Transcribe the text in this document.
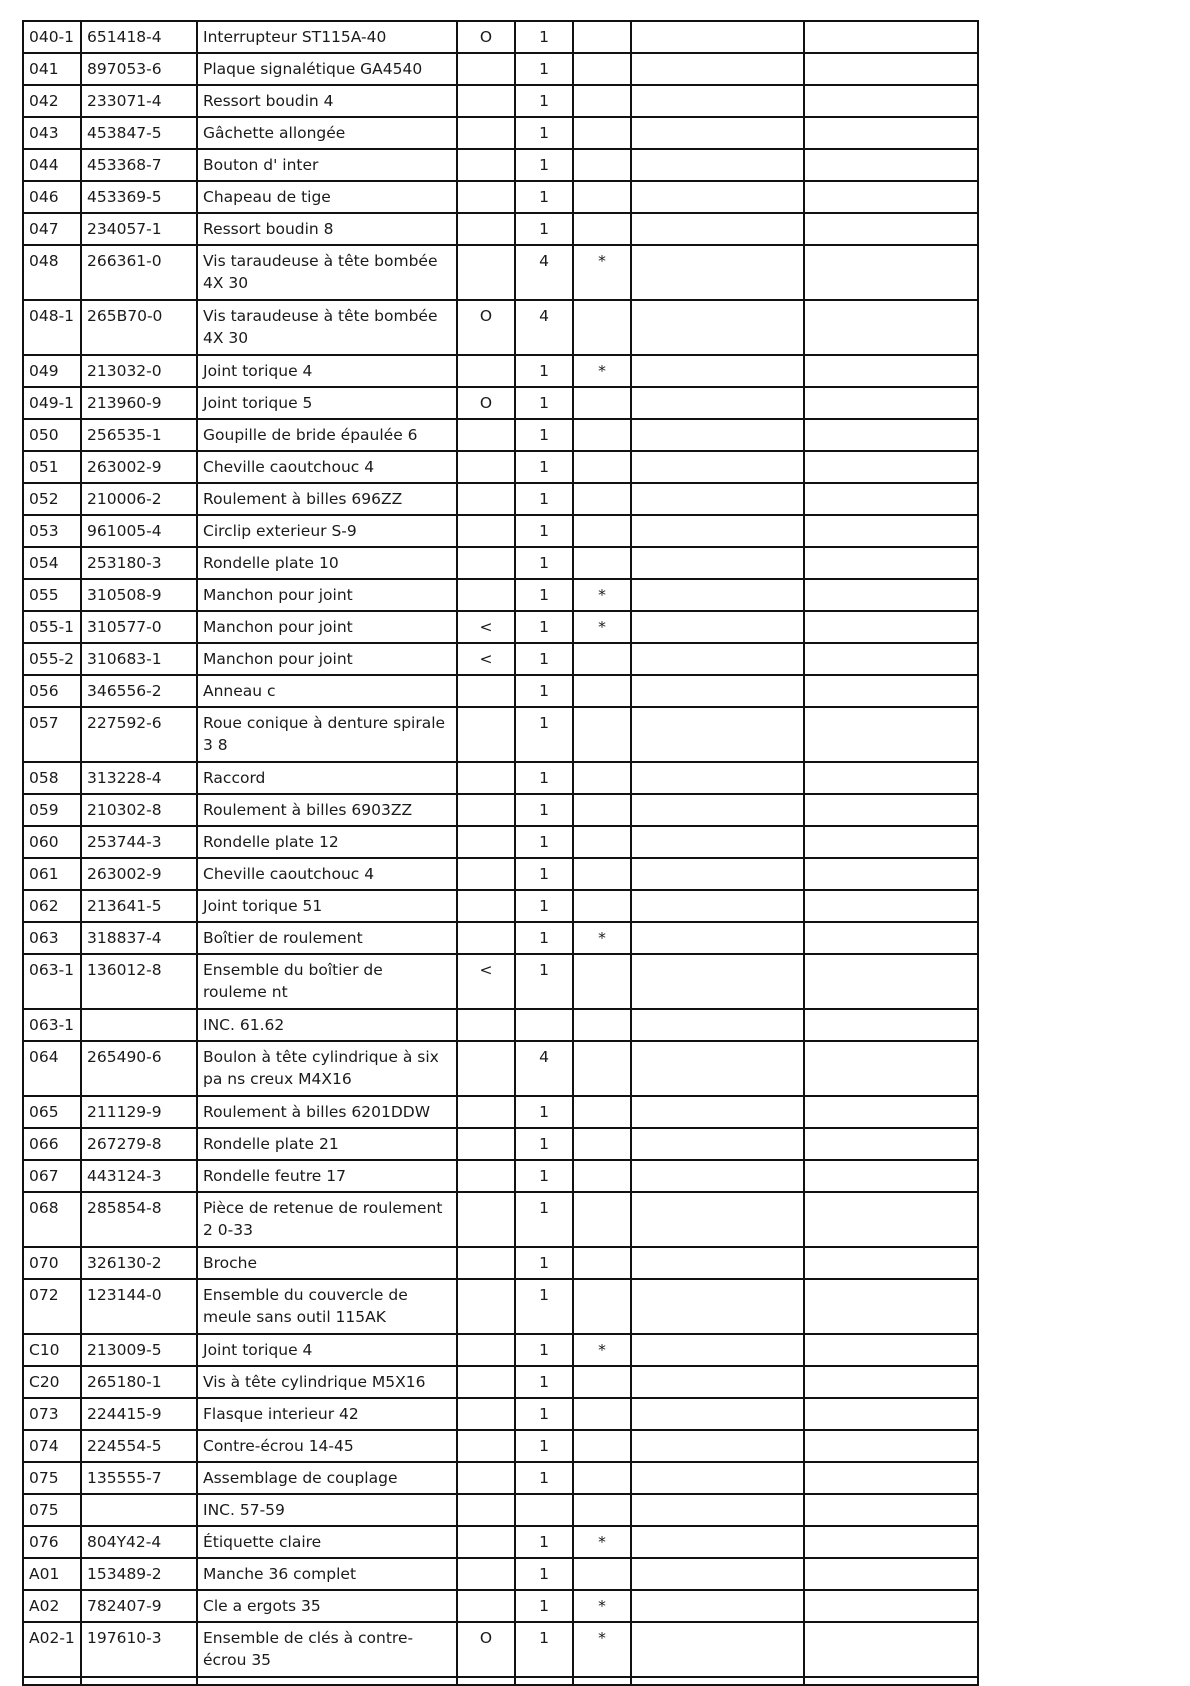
040-1	651418-4	Interrupteur ST115A-40	O	1			
041	897053-6	Plaque signalétique GA4540		1			
042	233071-4	Ressort boudin 4		1			
043	453847-5	Gâchette allongée		1			
044	453368-7	Bouton d' inter		1			
046	453369-5	Chapeau de tige		1			
047	234057-1	Ressort boudin 8		1			
048	266361-0	Vis taraudeuse à tête bombée 4X 30		4	*		
048-1	265B70-0	Vis taraudeuse à tête bombée 4X 30	O	4			
049	213032-0	Joint torique 4		1	*		
049-1	213960-9	Joint torique 5	O	1			
050	256535-1	Goupille de bride épaulée 6		1			
051	263002-9	Cheville caoutchouc 4		1			
052	210006-2	Roulement à billes 696ZZ		1			
053	961005-4	Circlip exterieur S-9		1			
054	253180-3	Rondelle plate 10		1			
055	310508-9	Manchon pour joint		1	*		
055-1	310577-0	Manchon pour joint	<	1	*		
055-2	310683-1	Manchon pour joint	<	1			
056	346556-2	Anneau c		1			
057	227592-6	Roue conique à denture spirale 3 8		1			
058	313228-4	Raccord		1			
059	210302-8	Roulement à billes 6903ZZ		1			
060	253744-3	Rondelle plate 12		1			
061	263002-9	Cheville caoutchouc 4		1			
062	213641-5	Joint torique 51		1			
063	318837-4	Boîtier de roulement		1	*		
063-1	136012-8	Ensemble du boîtier de rouleme nt	<	1			
063-1		INC. 61.62					
064	265490-6	Boulon à tête cylindrique à six pa ns creux M4X16		4			
065	211129-9	Roulement à billes 6201DDW		1			
066	267279-8	Rondelle plate 21		1			
067	443124-3	Rondelle feutre 17		1			
068	285854-8	Pièce de retenue de roulement 2 0-33		1			
070	326130-2	Broche		1			
072	123144-0	Ensemble du couvercle de meule sans outil 115AK		1			
C10	213009-5	Joint torique 4		1	*		
C20	265180-1	Vis à tête cylindrique M5X16		1			
073	224415-9	Flasque interieur 42		1			
074	224554-5	Contre-écrou 14-45		1			
075	135555-7	Assemblage de couplage		1			
075		INC. 57-59					
076	804Y42-4	Étiquette claire		1	*		
A01	153489-2	Manche 36 complet		1			
A02	782407-9	Cle a ergots 35		1	*		
A02-1	197610-3	Ensemble de clés à contre-écrou 35	O	1	*		
